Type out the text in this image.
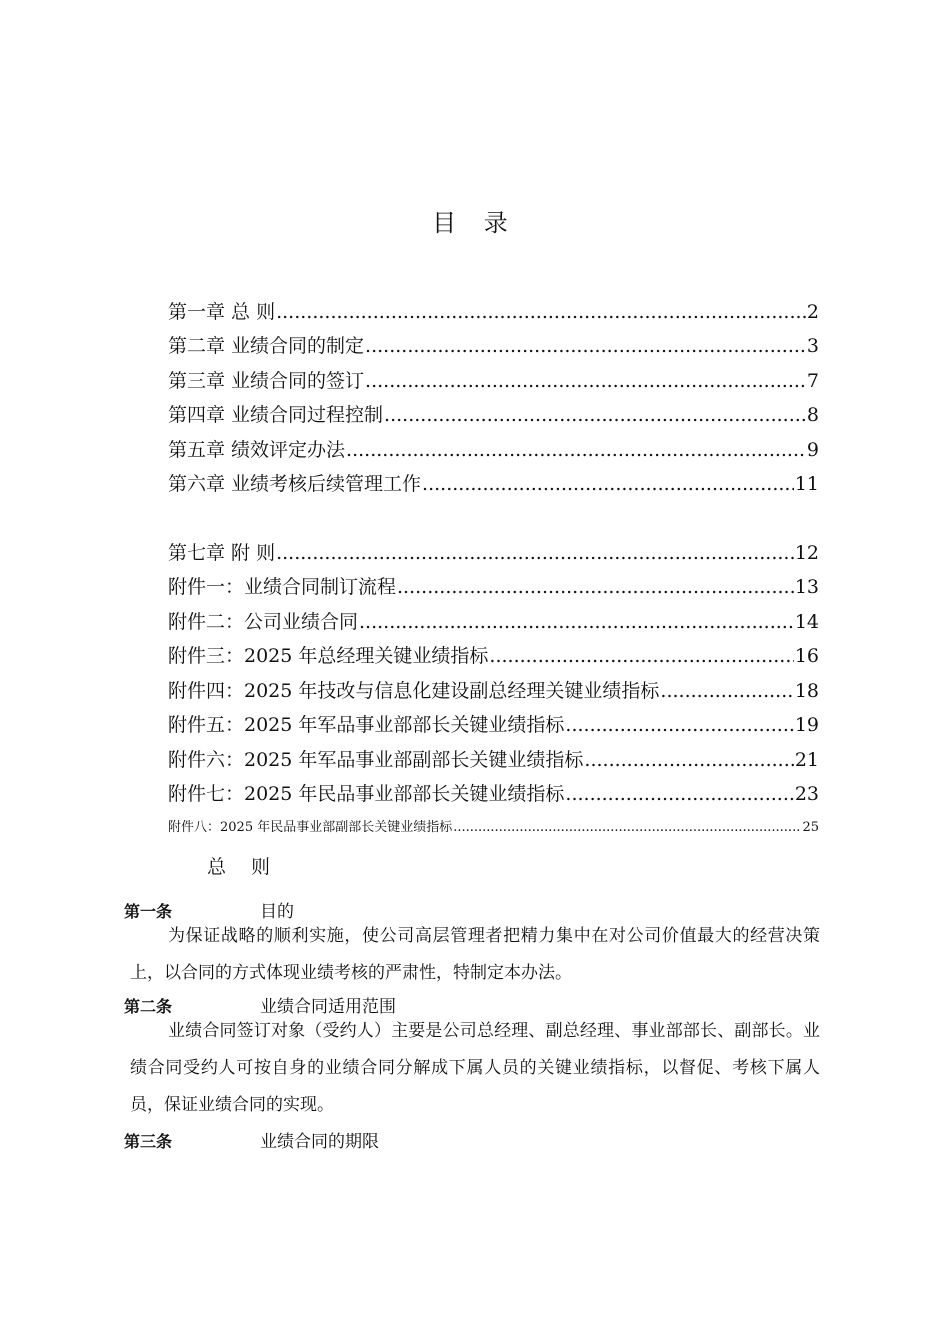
目 录
第一章 总 则 .....	2
第二章 业绩合同的制定 .....	3
第三章 业绩合同的签订 .....	7
第四章 业绩合同过程控制 .....	8
第五章 绩效评定办法 .....	9
第六章 业绩考核后续管理工作 .....	11
第七章 附 则 .....	12
附件一：业绩合同制订流程 .....	13
附件二：公司业绩合同 .....	14
附件三：2025 年总经理关键业绩指标 .....	16
附件四：2025 年技改与信息化建设副总经理关键业绩指标 .....	18
附件五：2025 年军品事业部部长关键业绩指标 .....	19
附件六：2025 年军品事业部副部长关键业绩指标 .....	21
附件七：2025 年民品事业部部长关键业绩指标 .....	23
附件八：2025 年民品事业部副部长关键业绩指标 .....	25
总 则
第一条	目的
为保证战略的顺利实施，使公司高层管理者把精力集中在对公司价值最大的经营决策上，以合同的方式体现业绩考核的严肃性，特制定本办法。
第二条	业绩合同适用范围
业绩合同签订对象（受约人）主要是公司总经理、副总经理、事业部部长、副部长。业绩合同受约人可按自身的业绩合同分解成下属人员的关键业绩指标，以督促、考核下属人员，保证业绩合同的实现。
第三条	业绩合同的期限
